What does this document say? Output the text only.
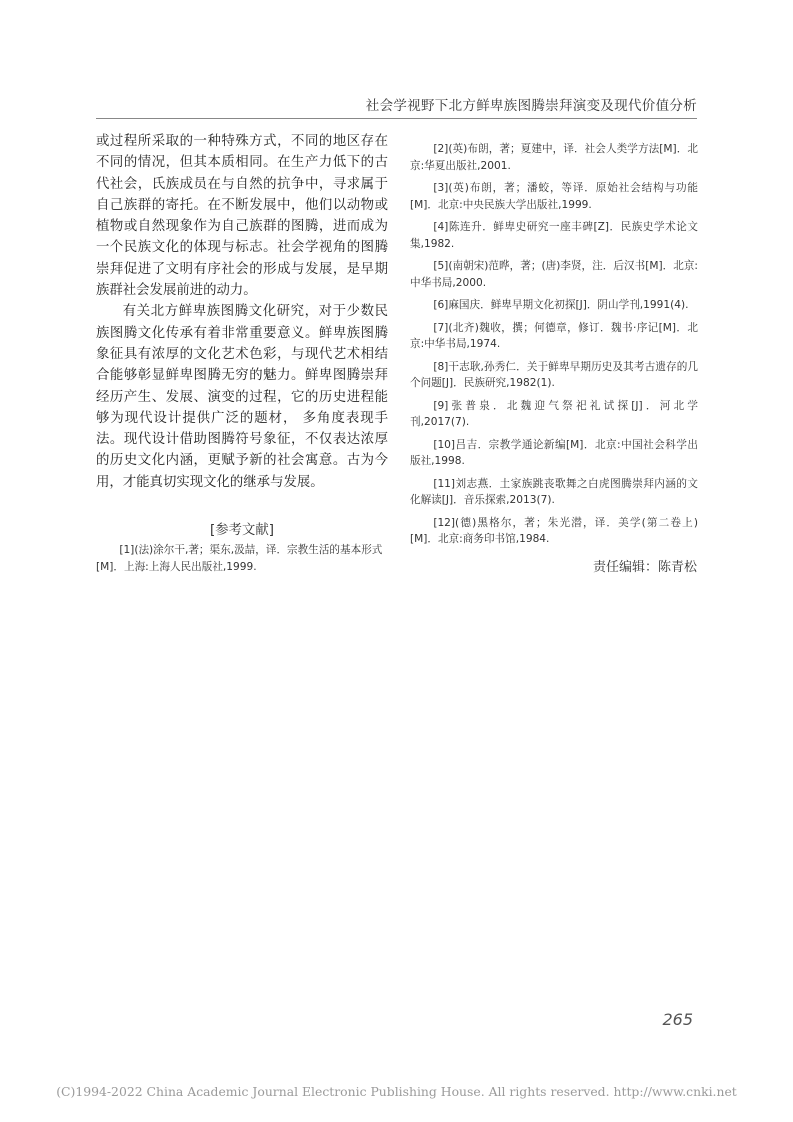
社会学视野下北方鲜卑族图腾崇拜演变及现代价值分析

或过程所采取的一种特殊方式，不同的地区存在不同的情况，但其本质相同。在生产力低下的古代社会，氏族成员在与自然的抗争中，寻求属于自己族群的寄托。在不断发展中，他们以动物或植物或自然现象作为自己族群的图腾，进而成为一个民族文化的体现与标志。社会学视角的图腾崇拜促进了文明有序社会的形成与发展，是早期族群社会发展前进的动力。

有关北方鲜卑族图腾文化研究，对于少数民族图腾文化传承有着非常重要意义。鲜卑族图腾象征具有浓厚的文化艺术色彩，与现代艺术相结合能够彰显鲜卑图腾无穷的魅力。鲜卑图腾崇拜经历产生、发展、演变的过程，它的历史进程能够为现代设计提供广泛的题材， 多角度表现手法。现代设计借助图腾符号象征，不仅表达浓厚的历史文化内涵，更赋予新的社会寓意。古为今用，才能真切实现文化的继承与发展。

[参考文献]

[1](法)涂尔干,著；渠东,汲喆，译．宗教生活的基本形式[M]．上海:上海人民出版社,1999.

[2](英)布朗，著；夏建中，译．社会人类学方法[M]．北京:华夏出版社,2001.

[3](英)布朗，著；潘蛟，等译．原始社会结构与功能[M]．北京:中央民族大学出版社,1999.

[4]陈连升．鲜卑史研究一座丰碑[Z]．民族史学术论文集,1982.

[5](南朝宋)范晔，著；(唐)李贤，注．后汉书[M]．北京:中华书局,2000.

[6]麻国庆．鲜卑早期文化初探[J]．阴山学刊,1991(4).

[7](北齐)魏收，撰；何德章，修订．魏书·序记[M]．北京:中华书局,1974.

[8]干志耿,孙秀仁．关于鲜卑早期历史及其考古遗存的几个问题[J]．民族研究,1982(1).

[9]张普泉．北魏迎气祭祀礼试探[J]．河北学刊,2017(7).

[10]吕吉．宗教学通论新编[M]．北京:中国社会科学出版社,1998.

[11]刘志燕．土家族跳丧歌舞之白虎图腾崇拜内涵的文化解读[J]．音乐探索,2013(7).

[12](德)黑格尔，著；朱光潜，译．美学(第二卷上)[M]．北京:商务印书馆,1984.

责任编辑：陈青松
265
(C)1994-2022 China Academic Journal Electronic Publishing House. All rights reserved. http://www.cnki.net
